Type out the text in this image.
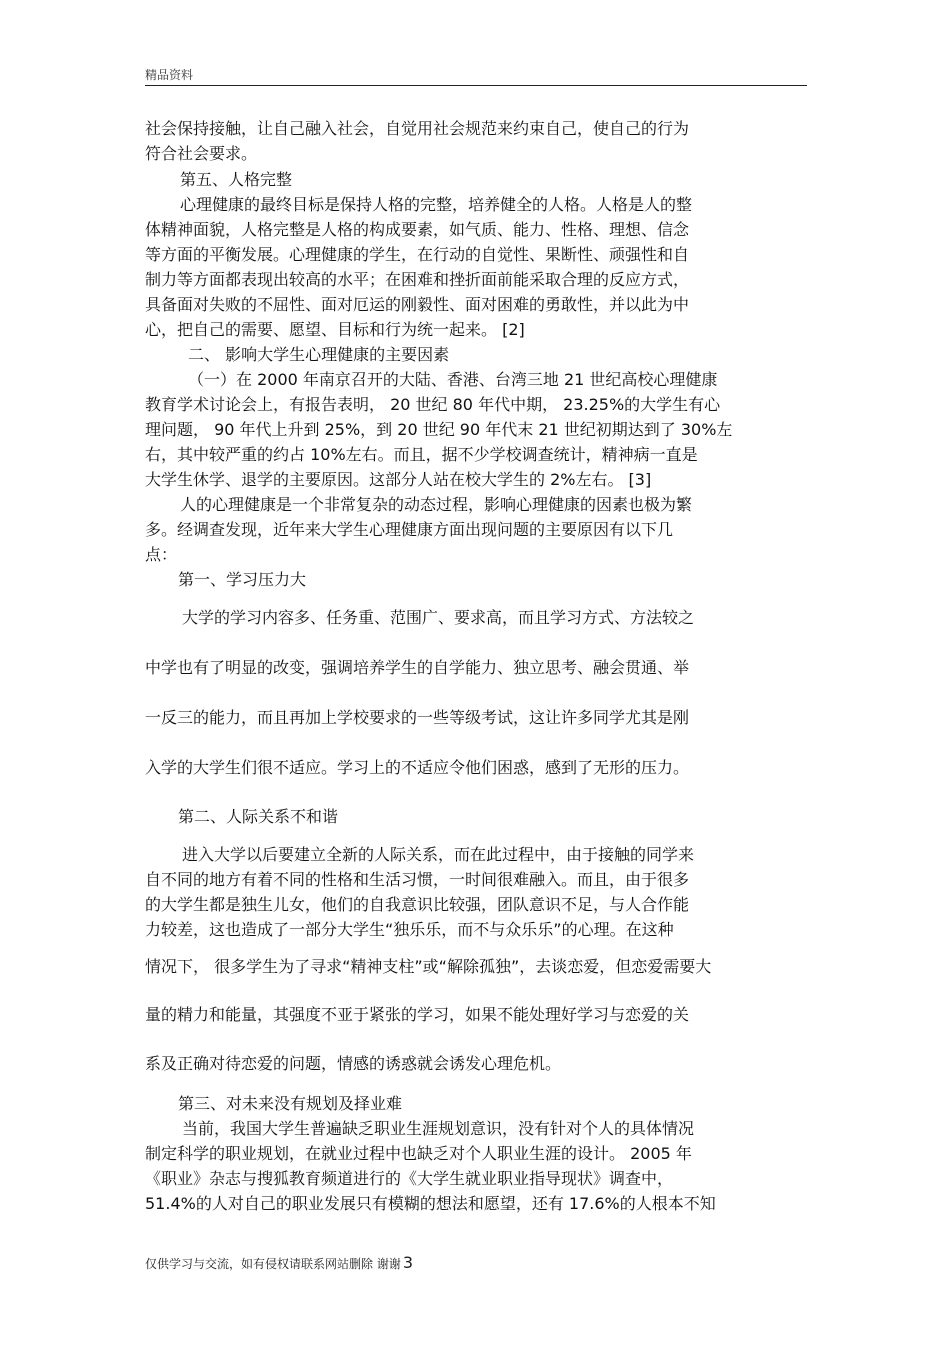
精品资料
社会保持接触，让自己融入社会，自觉用社会规范来约束自己，使自己的行为
符合社会要求。
第五、人格完整
心理健康的最终目标是保持人格的完整，培养健全的人格。人格是人的整
体精神面貌，人格完整是人格的构成要素，如气质、能力、性格、理想、信念
等方面的平衡发展。心理健康的学生，在行动的自觉性、果断性、顽强性和自
制力等方面都表现出较高的水平；在困难和挫折面前能采取合理的反应方式，
具备面对失败的不屈性、面对厄运的刚毅性、面对困难的勇敢性，并以此为中
心，把自己的需要、愿望、目标和行为统一起来。 [2]
二、 影响大学生心理健康的主要因素
（一）在 2000 年南京召开的大陆、香港、台湾三地 21 世纪高校心理健康
教育学术讨论会上，有报告表明， 20 世纪 80 年代中期， 23.25%的大学生有心
理问题， 90 年代上升到 25%，到 20 世纪 90 年代末 21 世纪初期达到了 30%左
右，其中较严重的约占 10%左右。而且，据不少学校调查统计，精神病一直是
大学生休学、退学的主要原因。这部分人站在校大学生的 2%左右。 [3]
人的心理健康是一个非常复杂的动态过程，影响心理健康的因素也极为繁
多。经调查发现，近年来大学生心理健康方面出现问题的主要原因有以下几
点：
第一、学习压力大
大学的学习内容多、任务重、范围广、要求高，而且学习方式、方法较之
中学也有了明显的改变，强调培养学生的自学能力、独立思考、融会贯通、举
一反三的能力，而且再加上学校要求的一些等级考试，这让许多同学尤其是刚
入学的大学生们很不适应。学习上的不适应令他们困惑，感到了无形的压力。
第二、人际关系不和谐
进入大学以后要建立全新的人际关系，而在此过程中，由于接触的同学来
自不同的地方有着不同的性格和生活习惯，一时间很难融入。而且，由于很多
的大学生都是独生儿女，他们的自我意识比较强，团队意识不足，与人合作能
力较差，这也造成了一部分大学生“独乐乐，而不与众乐乐”的心理。在这种
情况下， 很多学生为了寻求“精神支柱”或“解除孤独”，去谈恋爱，但恋爱需要大
量的精力和能量，其强度不亚于紧张的学习，如果不能处理好学习与恋爱的关
系及正确对待恋爱的问题，情感的诱惑就会诱发心理危机。
第三、对未来没有规划及择业难
当前，我国大学生普遍缺乏职业生涯规划意识，没有针对个人的具体情况
制定科学的职业规划，在就业过程中也缺乏对个人职业生涯的设计。 2005 年
《职业》杂志与搜狐教育频道进行的《大学生就业职业指导现状》调查中，
51.4%的人对自己的职业发展只有模糊的想法和愿望，还有 17.6%的人根本不知
仅供学习与交流，如有侵权请联系网站删除 谢谢 3
